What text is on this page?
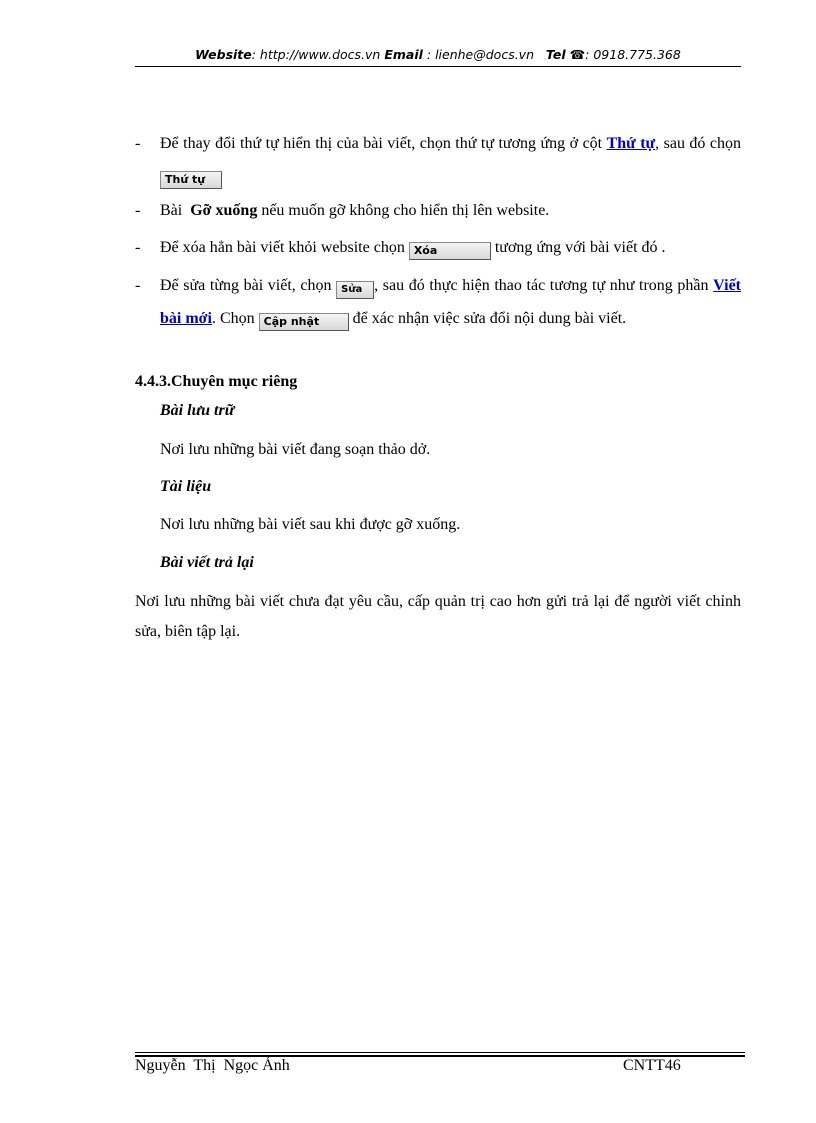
Website: http://www.docs.vn Email : lienhe@docs.vn Tel ☎: 0918.775.368
- Để thay đổi thứ tự hiển thị của bài viết, chọn thứ tự tương ứng ở cột Thứ tự, sau đó chọn Thứ tự
- Bài  Gỡ xuống nếu muốn gỡ không cho hiển thị lên website.
- Để xóa hẳn bài viết khỏi website chọn Xóa	tương ứng với bài viết đó .
- Để sửa từng bài viết, chọn Sửa , sau đó thực hiện thao tác tương tự như trong phần Viết bài mới. Chọn Cập nhật để xác nhận việc sửa đổi nội dung bài viết.
4.4.3.Chuyên mục riêng
Bài lưu trữ
Nơi lưu những bài viết đang soạn thảo dở.
Tài liệu
Nơi lưu những bài viết sau khi được gỡ xuống.
Bài viết trả lại
Nơi lưu những bài viết chưa đạt yêu cầu, cấp quản trị cao hơn gửi trả lại để người viết chỉnh sửa, biên tập lại.
Nguyễn  Thị  Ngọc Ánh	CNTT46
